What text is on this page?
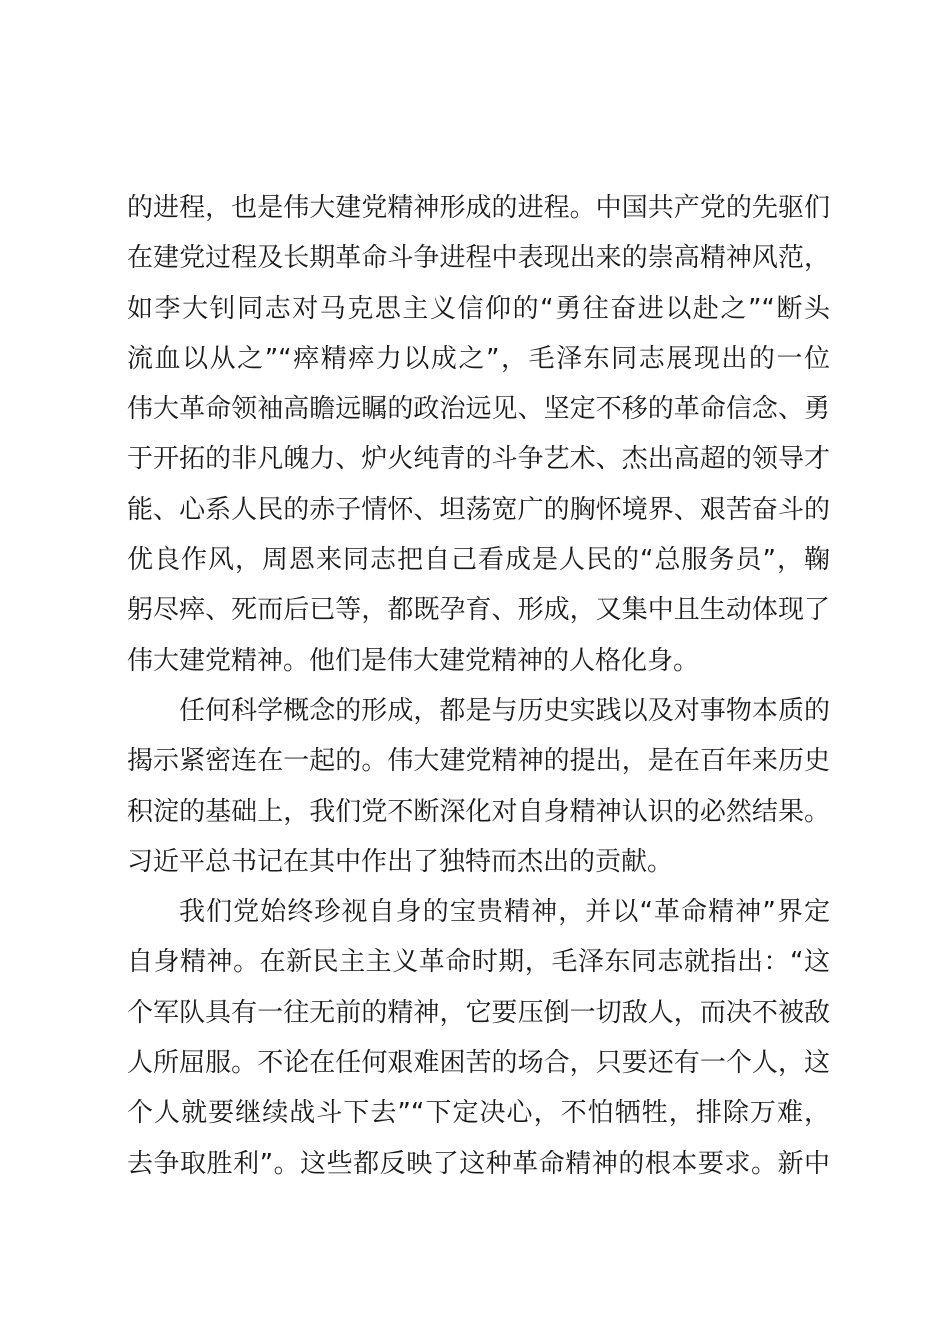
的进程，也是伟大建党精神形成的进程。中国共产党的先驱们
在建党过程及长期革命斗争进程中表现出来的崇高精神风范，
如李大钊同志对马克思主义信仰的“勇往奋进以赴之”“断头
流血以从之”“瘁精瘁力以成之”，毛泽东同志展现出的一位
伟大革命领袖高瞻远瞩的政治远见、坚定不移的革命信念、勇
于开拓的非凡魄力、炉火纯青的斗争艺术、杰出高超的领导才
能、心系人民的赤子情怀、坦荡宽广的胸怀境界、艰苦奋斗的
优良作风，周恩来同志把自己看成是人民的“总服务员”，鞠
躬尽瘁、死而后已等，都既孕育、形成，又集中且生动体现了
伟大建党精神。他们是伟大建党精神的人格化身。
任何科学概念的形成，都是与历史实践以及对事物本质的
揭示紧密连在一起的。伟大建党精神的提出，是在百年来历史
积淀的基础上，我们党不断深化对自身精神认识的必然结果。
习近平总书记在其中作出了独特而杰出的贡献。
我们党始终珍视自身的宝贵精神，并以“革命精神”界定
自身精神。在新民主主义革命时期，毛泽东同志就指出：“这
个军队具有一往无前的精神，它要压倒一切敌人，而决不被敌
人所屈服。不论在任何艰难困苦的场合，只要还有一个人，这
个人就要继续战斗下去”“下定决心，不怕牺牲，排除万难，
去争取胜利”。这些都反映了这种革命精神的根本要求。新中
